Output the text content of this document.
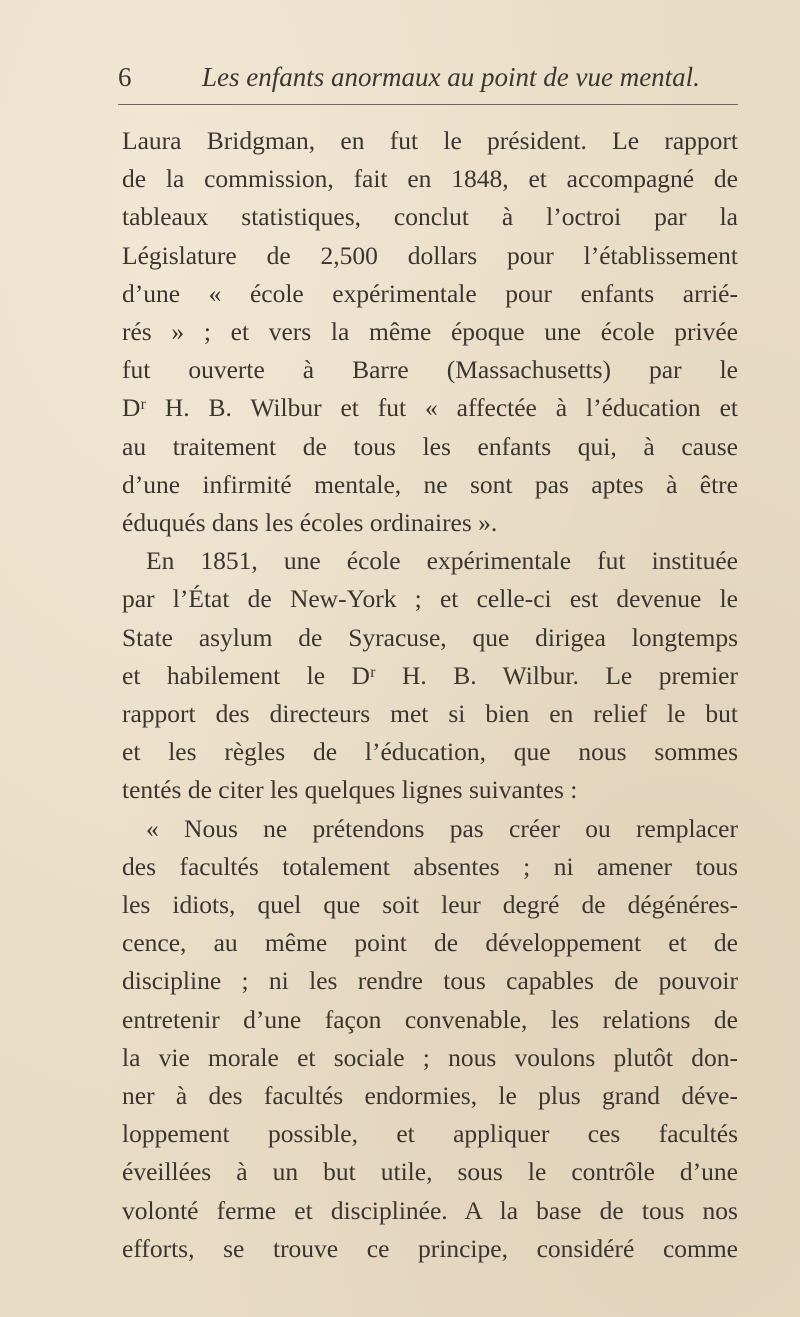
6	Les enfants anormaux au point de vue mental.
Laura Bridgman, en fut le président. Le rapport
de la commission, fait en 1848, et accompagné de
tableaux statistiques, conclut à l’octroi par la
Législature de 2,500 dollars pour l’établissement
d’une « école expérimentale pour enfants arrié-
rés » ; et vers la même époque une école privée
fut ouverte à Barre (Massachusetts) par le
Dʳ H. B. Wilbur et fut « affectée à l’éducation et
au traitement de tous les enfants qui, à cause
d’une infirmité mentale, ne sont pas aptes à être
éduqués dans les écoles ordinaires ».
En 1851, une école expérimentale fut instituée
par l’État de New-York ; et celle-ci est devenue le
State asylum de Syracuse, que dirigea longtemps
et habilement le Dʳ H. B. Wilbur. Le premier
rapport des directeurs met si bien en relief le but
et les règles de l’éducation, que nous sommes
tentés de citer les quelques lignes suivantes :
« Nous ne prétendons pas créer ou remplacer
des facultés totalement absentes ; ni amener tous
les idiots, quel que soit leur degré de dégénéres-
cence, au même point de développement et de
discipline ; ni les rendre tous capables de pouvoir
entretenir d’une façon convenable, les relations de
la vie morale et sociale ; nous voulons plutôt don-
ner à des facultés endormies, le plus grand déve-
loppement possible, et appliquer ces facultés
éveillées à un but utile, sous le contrôle d’une
volonté ferme et disciplinée. A la base de tous nos
efforts, se trouve ce principe, considéré comme
